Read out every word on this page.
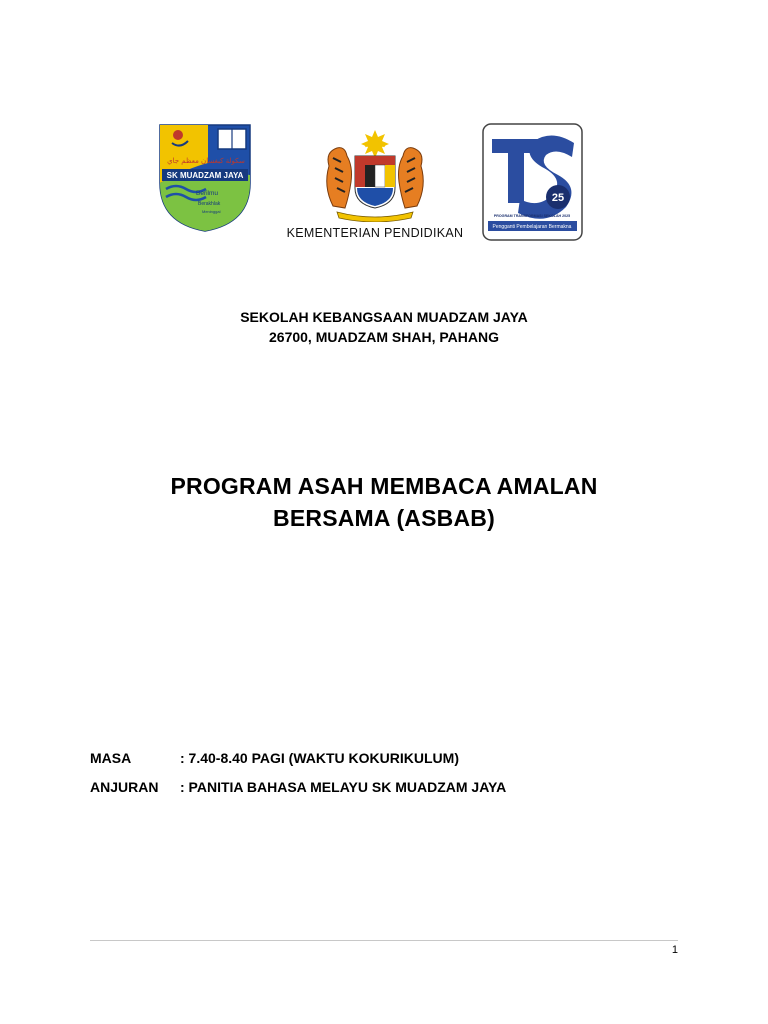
SK MUADZAM JAYA
سكولة كبغسان معظم جاي
Berilmu
Berakhlak
Meninggal
KEMENTERIAN PENDIDIKAN
25
PROGRAM TRANSFORMASI SEKOLAH 2025
Pengganti Pembelajaran Bermakna
SEKOLAH KEBANGSAAN MUADZAM JAYA
26700, MUADZAM SHAH, PAHANG
PROGRAM ASAH MEMBACA AMALAN
BERSAMA (ASBAB)
MASA	: 7.40-8.40 PAGI (WAKTU KOKURIKULUM)
ANJURAN	: PANITIA BAHASA MELAYU SK MUADZAM JAYA
1
